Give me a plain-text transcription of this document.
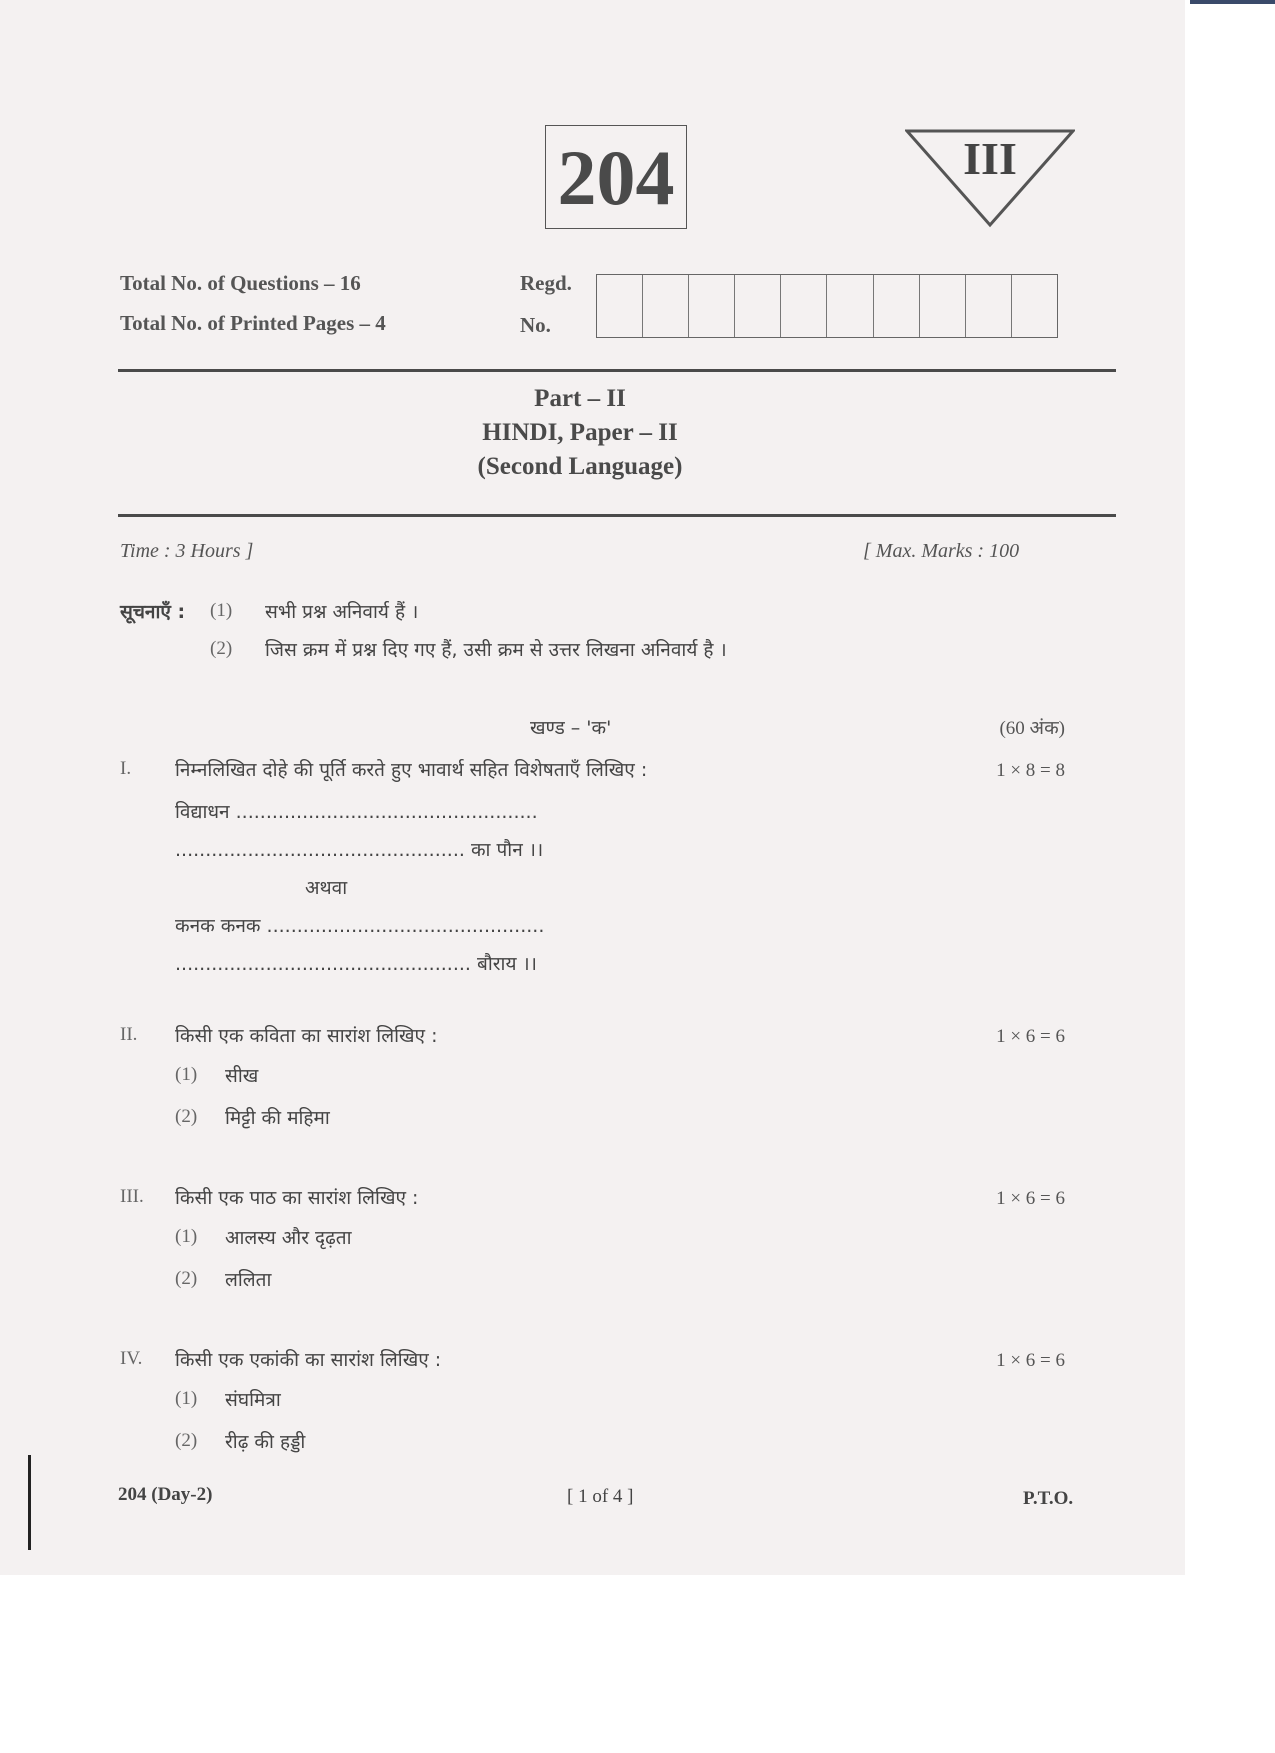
204	III
Total No. of Questions – 16
Total No. of Printed Pages – 4
Regd.
No.
Part – II
HINDI, Paper – II
(Second Language)
Time : 3 Hours ]	[ Max. Marks : 100
सूचनाएँ : (1) सभी प्रश्न अनिवार्य हैं ।
(2) जिस क्रम में प्रश्न दिए गए हैं, उसी क्रम से उत्तर लिखना अनिवार्य है ।
खण्ड – 'क'	(60 अंक)
I. निम्नलिखित दोहे की पूर्ति करते हुए भावार्थ सहित विशेषताएँ लिखिए :	1 × 8 = 8
विद्याधन ..................................................
................................................ का पौन ।।
अथवा
कनक कनक ..............................................
................................................. बौराय ।।
II. किसी एक कविता का सारांश लिखिए :	1 × 6 = 6
(1) सीख
(2) मिट्टी की महिमा
III. किसी एक पाठ का सारांश लिखिए :	1 × 6 = 6
(1) आलस्य और दृढ़ता
(2) ललिता
IV. किसी एक एकांकी का सारांश लिखिए :	1 × 6 = 6
(1) संघमित्रा
(2) रीढ़ की हड्डी
204 (Day-2)	[ 1 of 4 ]	P.T.O.
